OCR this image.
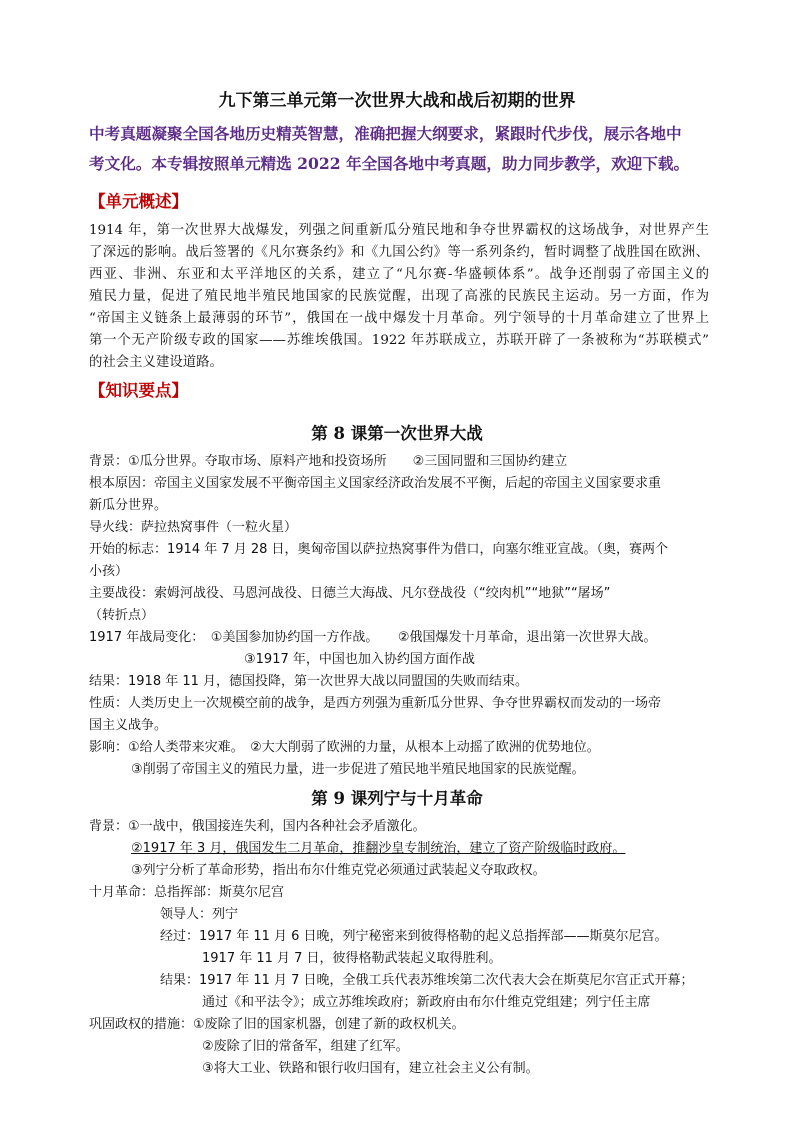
九下第三单元第一次世界大战和战后初期的世界
中考真题凝聚全国各地历史精英智慧，准确把握大纲要求，紧跟时代步伐，展示各地中
考文化。本专辑按照单元精选 2022 年全国各地中考真题，助力同步教学，欢迎下载。
【单元概述】
1914 年，第一次世界大战爆发，列强之间重新瓜分殖民地和争夺世界霸权的这场战争，对世界产生
了深远的影响。战后签署的《凡尔赛条约》和《九国公约》等一系列条约，暂时调整了战胜国在欧洲、
西亚、非洲、东亚和太平洋地区的关系，建立了“凡尔赛-华盛顿体系”。战争还削弱了帝国主义的
殖民力量，促进了殖民地半殖民地国家的民族觉醒，出现了高涨的民族民主运动。另一方面，作为
“帝国主义链条上最薄弱的环节”，俄国在一战中爆发十月革命。列宁领导的十月革命建立了世界上
第一个无产阶级专政的国家——苏维埃俄国。1922 年苏联成立，苏联开辟了一条被称为“苏联模式”
的社会主义建设道路。
【知识要点】
第 8 课第一次世界大战
背景：①瓜分世界。夺取市场、原料产地和投资场所　　②三国同盟和三国协约建立
根本原因：帝国主义国家发展不平衡帝国主义国家经济政治发展不平衡，后起的帝国主义国家要求重
新瓜分世界。
导火线：萨拉热窝事件（一粒火星）
开始的标志：1914 年 7 月 28 日，奥匈帝国以萨拉热窝事件为借口，向塞尔维亚宣战。（奥，赛两个
小孩）
主要战役：索姆河战役、马恩河战役、日德兰大海战、凡尔登战役（“绞肉机”“地狱”“屠场”
（转折点）
1917 年战局变化：　①美国参加协约国一方作战。　　②俄国爆发十月革命，退出第一次世界大战。
③1917 年，中国也加入协约国方面作战
结果：1918 年 11 月，德国投降，第一次世界大战以同盟国的失败而结束。
性质：人类历史上一次规模空前的战争，是西方列强为重新瓜分世界、争夺世界霸权而发动的一场帝
国主义战争。
影响：①给人类带来灾难。　②大大削弱了欧洲的力量，从根本上动摇了欧洲的优势地位。
③削弱了帝国主义的殖民力量，进一步促进了殖民地半殖民地国家的民族觉醒。
第 9 课列宁与十月革命
背景：①一战中，俄国接连失利，国内各种社会矛盾激化。
②1917 年 3 月，俄国发生二月革命，推翻沙皇专制统治，建立了资产阶级临时政府。
③列宁分析了革命形势，指出布尔什维克党必须通过武装起义夺取政权。
十月革命：总指挥部：斯莫尔尼宫
领导人：列宁
经过：1917 年 11 月 6 日晚，列宁秘密来到彼得格勒的起义总指挥部——斯莫尔尼宫。
1917 年 11 月 7 日，彼得格勒武装起义取得胜利。
结果：1917 年 11 月 7 日晚，全俄工兵代表苏维埃第二次代表大会在斯莫尼尔宫正式开幕；
通过《和平法令》；成立苏维埃政府；新政府由布尔什维克党组建；列宁任主席
巩固政权的措施：①废除了旧的国家机器，创建了新的政权机关。
②废除了旧的常备军，组建了红军。
③将大工业、铁路和银行收归国有，建立社会主义公有制。
